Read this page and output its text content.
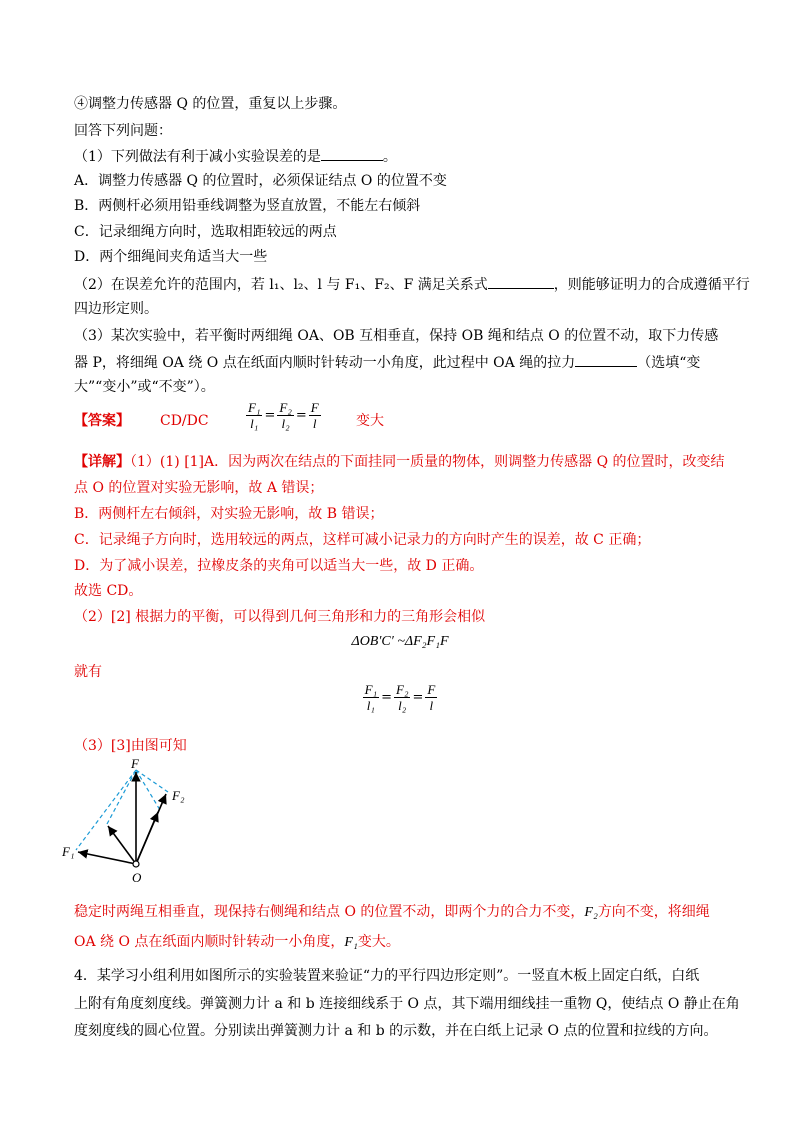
④调整力传感器 Q 的位置，重复以上步骤。
回答下列问题：
（1）下列做法有利于减小实验误差的是	。
A．调整力传感器 Q 的位置时，必须保证结点 O 的位置不变
B．两侧杆必须用铅垂线调整为竖直放置，不能左右倾斜
C．记录细绳方向时，选取相距较远的两点
D．两个细绳间夹角适当大一些
（2）在误差允许的范围内，若 l₁、l₂、l 与 F₁、F₂、F 满足关系式	，则能够证明力的合成遵循平行
四边形定则。
（3）某次实验中，若平衡时两细绳 OA、OB 互相垂直，保持 OB 绳和结点 O 的位置不动，取下力传感
器 P，将细绳 OA 绕 O 点在纸面内顺时针转动一小角度，此过程中 OA 绳的拉力	（选填“变
大”“变小”或“不变”）。
【答案】 CD/DC	$\frac{\text{F₁}}{\text{l₁}} = \frac{\text{F₂}}{\text{l₂}} = \frac{F}{l}$	变大
【详解】（1）(1) [1]A．因为两次在结点的下面挂同一质量的物体，则调整力传感器 Q 的位置时，改变结
点 O 的位置对实验无影响，故 A 错误；
B．两侧杆左右倾斜，对实验无影响，故 B 错误；
C．记录绳子方向时，选用较远的两点，这样可减小记录力的方向时产生的误差，故 C 正确；
D．为了减小误差，拉橡皮条的夹角可以适当大一些，故 D 正确。
故选 CD。
（2）[2] 根据力的平衡，可以得到几何三角形和力的三角形会相似
ΔOB′C′ ~ΔF₂F₁F
就有
$\frac{\text{F₁}}{\text{l₁}} = \frac{\text{F₂}}{\text{l₂}} = \frac{F}{l}$
（3）[3]由图可知
F
F₂
F₁
O
稳定时两绳互相垂直，现保持右侧绳和结点 O 的位置不动，即两个力的合力不变，F₂方向不变，将细绳
OA 绕 O 点在纸面内顺时针转动一小角度，F₁变大。
4．某学习小组利用如图所示的实验装置来验证“力的平行四边形定则”。一竖直木板上固定白纸，白纸
上附有角度刻度线。弹簧测力计 a 和 b 连接细线系于 O 点，其下端用细线挂一重物 Q，使结点 O 静止在角
度刻度线的圆心位置。分别读出弹簧测力计 a 和 b 的示数，并在白纸上记录 O 点的位置和拉线的方向。
